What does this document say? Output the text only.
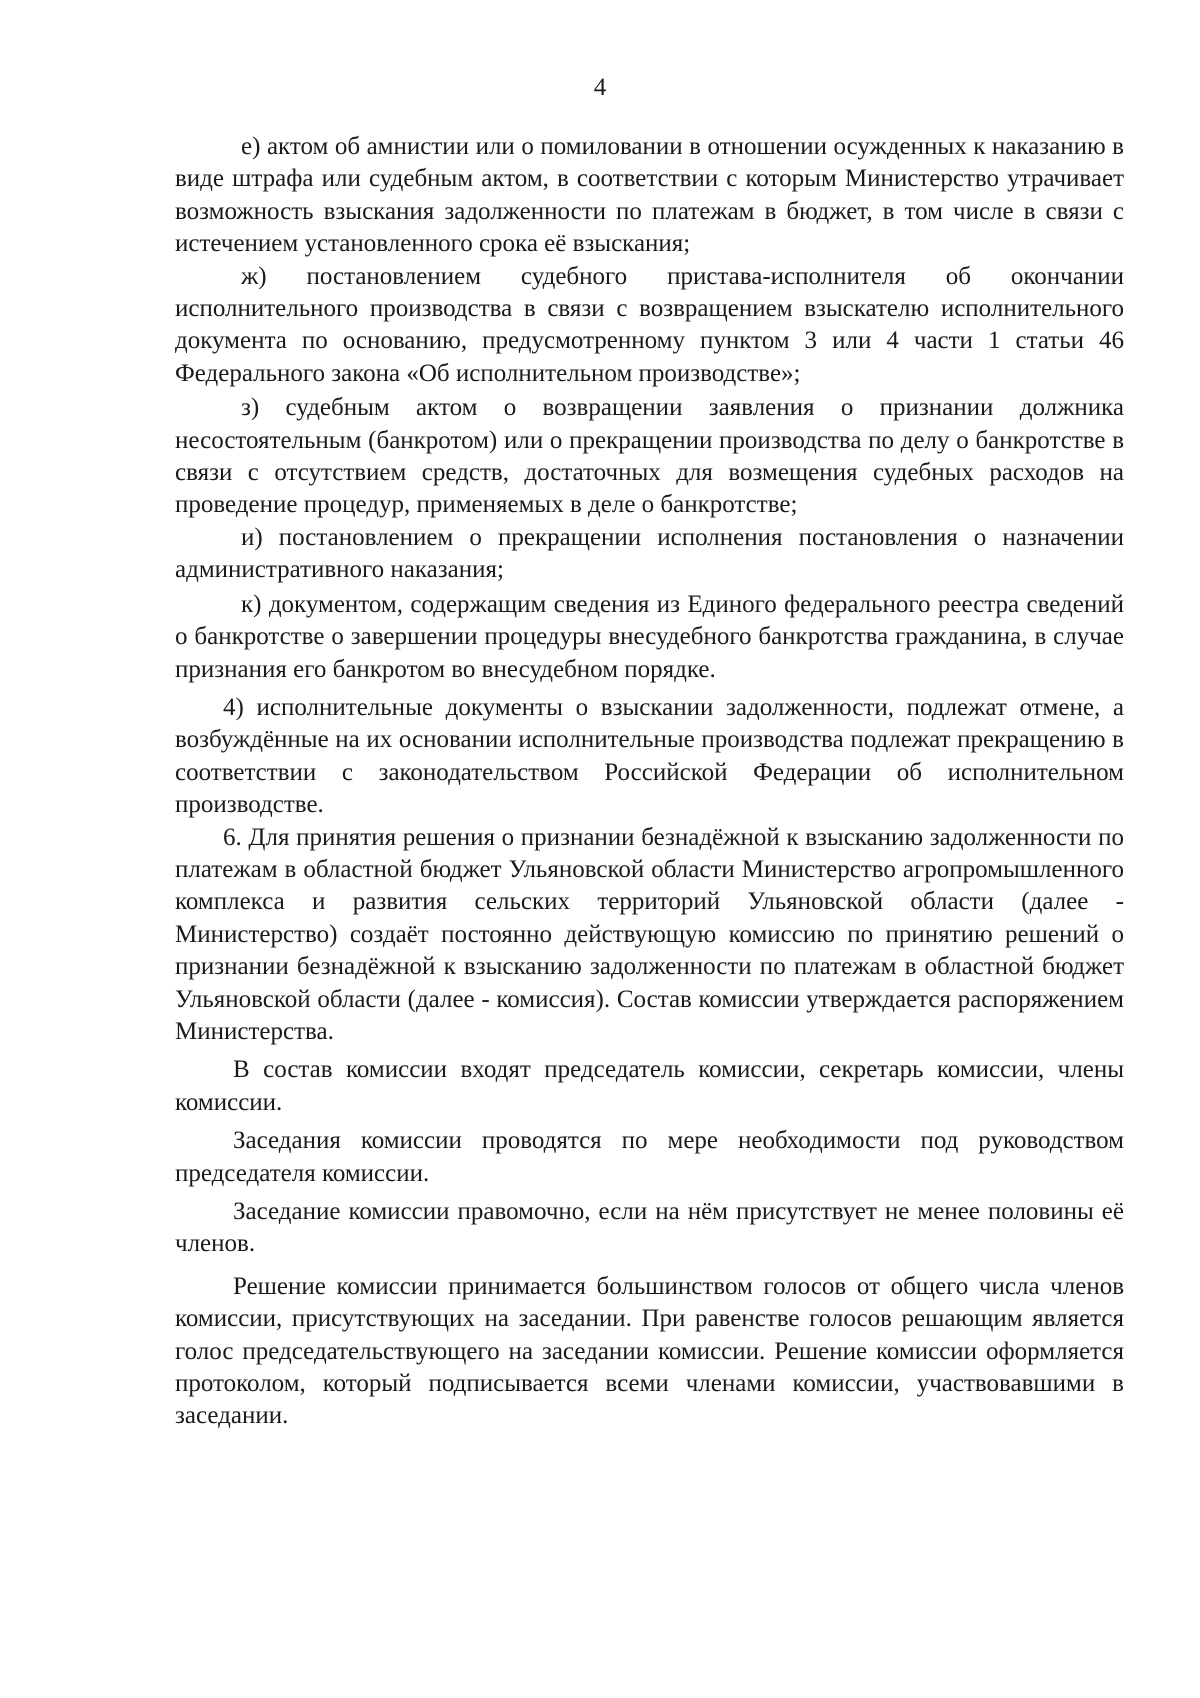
4

е) актом об амнистии или о помиловании в отношении осужденных к наказанию в виде штрафа или судебным актом, в соответствии с которым Министерство утрачивает возможность взыскания задолженности по платежам в бюджет, в том числе в связи с истечением установленного срока её взыскания;

ж) постановлением судебного пристава-исполнителя об окончании исполнительного производства в связи с возвращением взыскателю исполнительного документа по основанию, предусмотренному пунктом 3 или 4 части 1 статьи 46 Федерального закона «Об исполнительном производстве»;

з) судебным актом о возвращении заявления о признании должника несостоятельным (банкротом) или о прекращении производства по делу о банкротстве в связи с отсутствием средств, достаточных для возмещения судебных расходов на проведение процедур, применяемых в деле о банкротстве;

и) постановлением о прекращении исполнения постановления о назначении административного наказания;

к) документом, содержащим сведения из Единого федерального реестра сведений о банкротстве о завершении процедуры внесудебного банкротства гражданина, в случае признания его банкротом во внесудебном порядке.

4) исполнительные документы о взыскании задолженности, подлежат отмене, а возбуждённые на их основании исполнительные производства подлежат прекращению в соответствии с законодательством Российской Федерации об исполнительном производстве.

6. Для принятия решения о признании безнадёжной к взысканию задолженности по платежам в областной бюджет Ульяновской области Министерство агропромышленного комплекса и развития сельских территорий Ульяновской области (далее - Министерство) создаёт постоянно действующую комиссию по принятию решений о признании безнадёжной к взысканию задолженности по платежам в областной бюджет Ульяновской области (далее - комиссия). Состав комиссии утверждается распоряжением Министерства.

В состав комиссии входят председатель комиссии, секретарь комиссии, члены комиссии.

Заседания комиссии проводятся по мере необходимости под руководством председателя комиссии.

Заседание комиссии правомочно, если на нём присутствует не менее половины её членов.

Решение комиссии принимается большинством голосов от общего числа членов комиссии, присутствующих на заседании. При равенстве голосов решающим является голос председательствующего на заседании комиссии. Решение комиссии оформляется протоколом, который подписывается всеми членами комиссии, участвовавшими в заседании.
